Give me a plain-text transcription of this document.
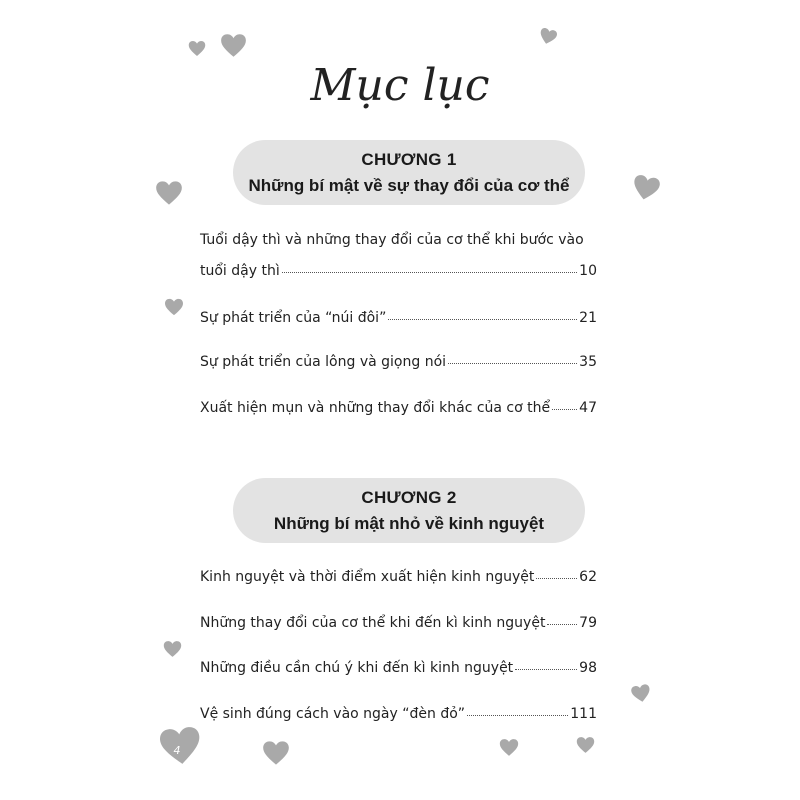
4
Mục lục
CHƯƠNG 1
Những bí mật về sự thay đổi của cơ thể
Tuổi dậy thì và những thay đổi của cơ thể khi bước vào
tuổi dậy thì	10
Sự phát triển của “núi đôi”	21
Sự phát triển của lông và giọng nói	35
Xuất hiện mụn và những thay đổi khác của cơ thể 47
CHƯƠNG 2
Những bí mật nhỏ về kinh nguyệt
Kinh nguyệt và thời điểm xuất hiện kinh nguyệt	62
Những thay đổi của cơ thể khi đến kì kinh nguyệt 79
Những điều cần chú ý khi đến kì kinh nguyệt	98
Vệ sinh đúng cách vào ngày “đèn đỏ”	111
